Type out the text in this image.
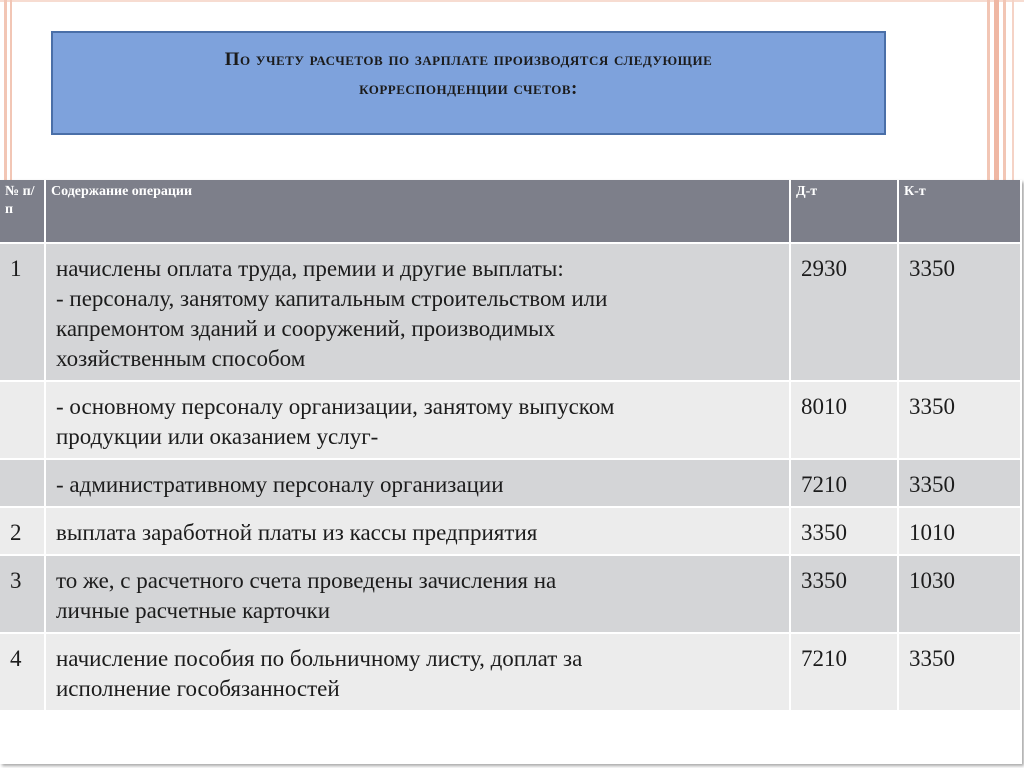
По учету расчетов по зарплате производятся следующие
корреспонденции счетов:
№ п/п	Содержание операции	Д-т	К-т
1	начислены оплата труда, премии и другие выплаты:
- персоналу, занятому капитальным строительством или
капремонтом зданий и сооружений, производимых
хозяйственным способом	2930	3350

	- основному персоналу организации, занятому выпуском
продукции или оказанием услуг-	8010	3350

	- административному персоналу организации	7210	3350
2	выплата заработной платы из кассы предприятия	3350	1010
3	то же, с расчетного счета проведены зачисления на
личные расчетные карточки	3350	1030
4	начисление пособия по больничному листу, доплат за
исполнение гособязанностей	7210	3350
